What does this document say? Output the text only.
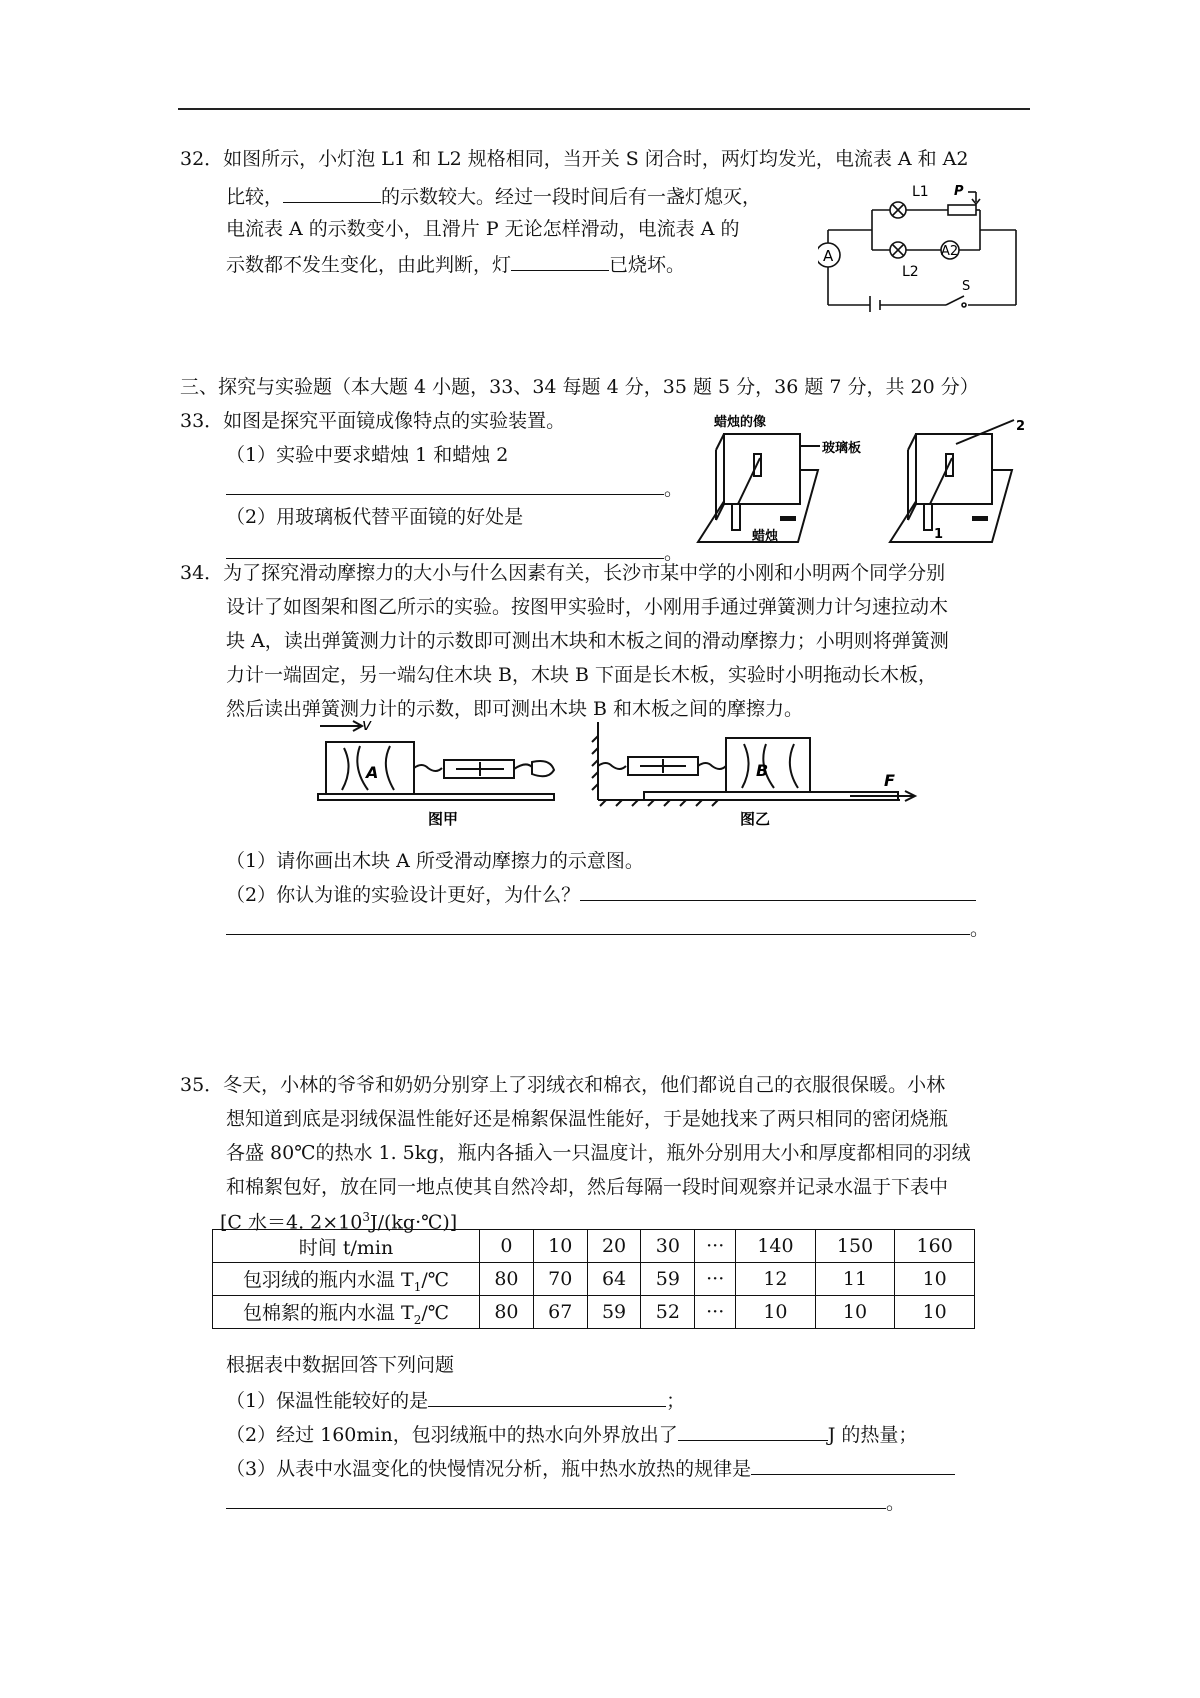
32．如图所示，小灯泡 L1 和 L2 规格相同，当开关 S 闭合时，两灯均发光，电流表 A 和 A2
比较，	的示数较大。经过一段时间后有一盏灯熄灭，
电流表 A 的示数变小，且滑片 P 无论怎样滑动，电流表 A 的
示数都不发生变化，由此判断，灯	已烧坏。	A	A2
L1
L2
P
S
三、探究与实验题（本大题 4 小题，33、34 每题 4 分，35 题 5 分，36 题 7 分，共 20 分）
33．如图是探究平面镜成像特点的实验装置。
（1）实验中要求蜡烛 1 和蜡烛 2
。
（2）用玻璃板代替平面镜的好处是
。
蜡烛的像
玻璃板
蜡烛	1
2
34．为了探究滑动摩擦力的大小与什么因素有关，长沙市某中学的小刚和小明两个同学分别
设计了如图架和图乙所示的实验。按图甲实验时，小刚用手通过弹簧测力计匀速拉动木
块 A，读出弹簧测力计的示数即可测出木块和木板之间的滑动摩擦力；小明则将弹簧测
力计一端固定，另一端勾住木块 B，木块 B 下面是长木板，实验时小明拖动长木板，
然后读出弹簧测力计的示数，即可测出木块 B 和木板之间的摩擦力。
v
A	B
F
图甲	图乙
（1）请你画出木块 A 所受滑动摩擦力的示意图。
（2）你认为谁的实验设计更好，为什么？
。
35．冬天，小林的爷爷和奶奶分别穿上了羽绒衣和棉衣，他们都说自己的衣服很保暖。小林
想知道到底是羽绒保温性能好还是棉絮保温性能好，于是她找来了两只相同的密闭烧瓶
各盛 80℃的热水 1. 5kg，瓶内各插入一只温度计，瓶外分别用大小和厚度都相同的羽绒
和棉絮包好，放在同一地点使其自然冷却，然后每隔一段时间观察并记录水温于下表中
[C 水＝4. $2\times 10^3J/(kg\cdot℃)$]
时间 t/min	0	10	20	30	···	140	150	160
包羽绒的瓶内水温 $T_1/℃$	80	70	64	59	···	12	11	10
包棉絮的瓶内水温 $T_2/℃$	80	67	59	52	···	10	10	10
根据表中数据回答下列问题
（1）保温性能较好的是	；
（2）经过 160min，包羽绒瓶中的热水向外界放出了	J 的热量；
（3）从表中水温变化的快慢情况分析，瓶中热水放热的规律是
。
